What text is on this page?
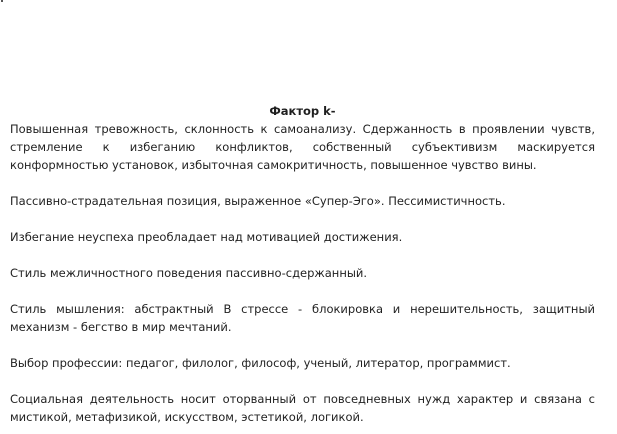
Фактор k-

Повышенная тревожность, склонность к самоанализу. Сдержанность в проявлении чувств, стремление к избеганию конфликтов, собственный субъективизм маскируется конформностью установок, избыточная самокритичность, повышенное чувство вины.

Пассивно-страдательная позиция, выраженное «Супер-Эго». Пессимистичность.

Избегание неуспеха преобладает над мотивацией достижения.

Стиль межличностного поведения пассивно-сдержанный.

Стиль мышления: абстрактный В стрессе - блокировка и нерешительность, защитный механизм - бегство в мир мечтаний.

Выбор профессии: педагог, филолог, философ, ученый, литератор, программист.

Социальная деятельность носит оторванный от повседневных нужд характер и связана с мистикой, метафизикой, искусством, эстетикой, логикой.
